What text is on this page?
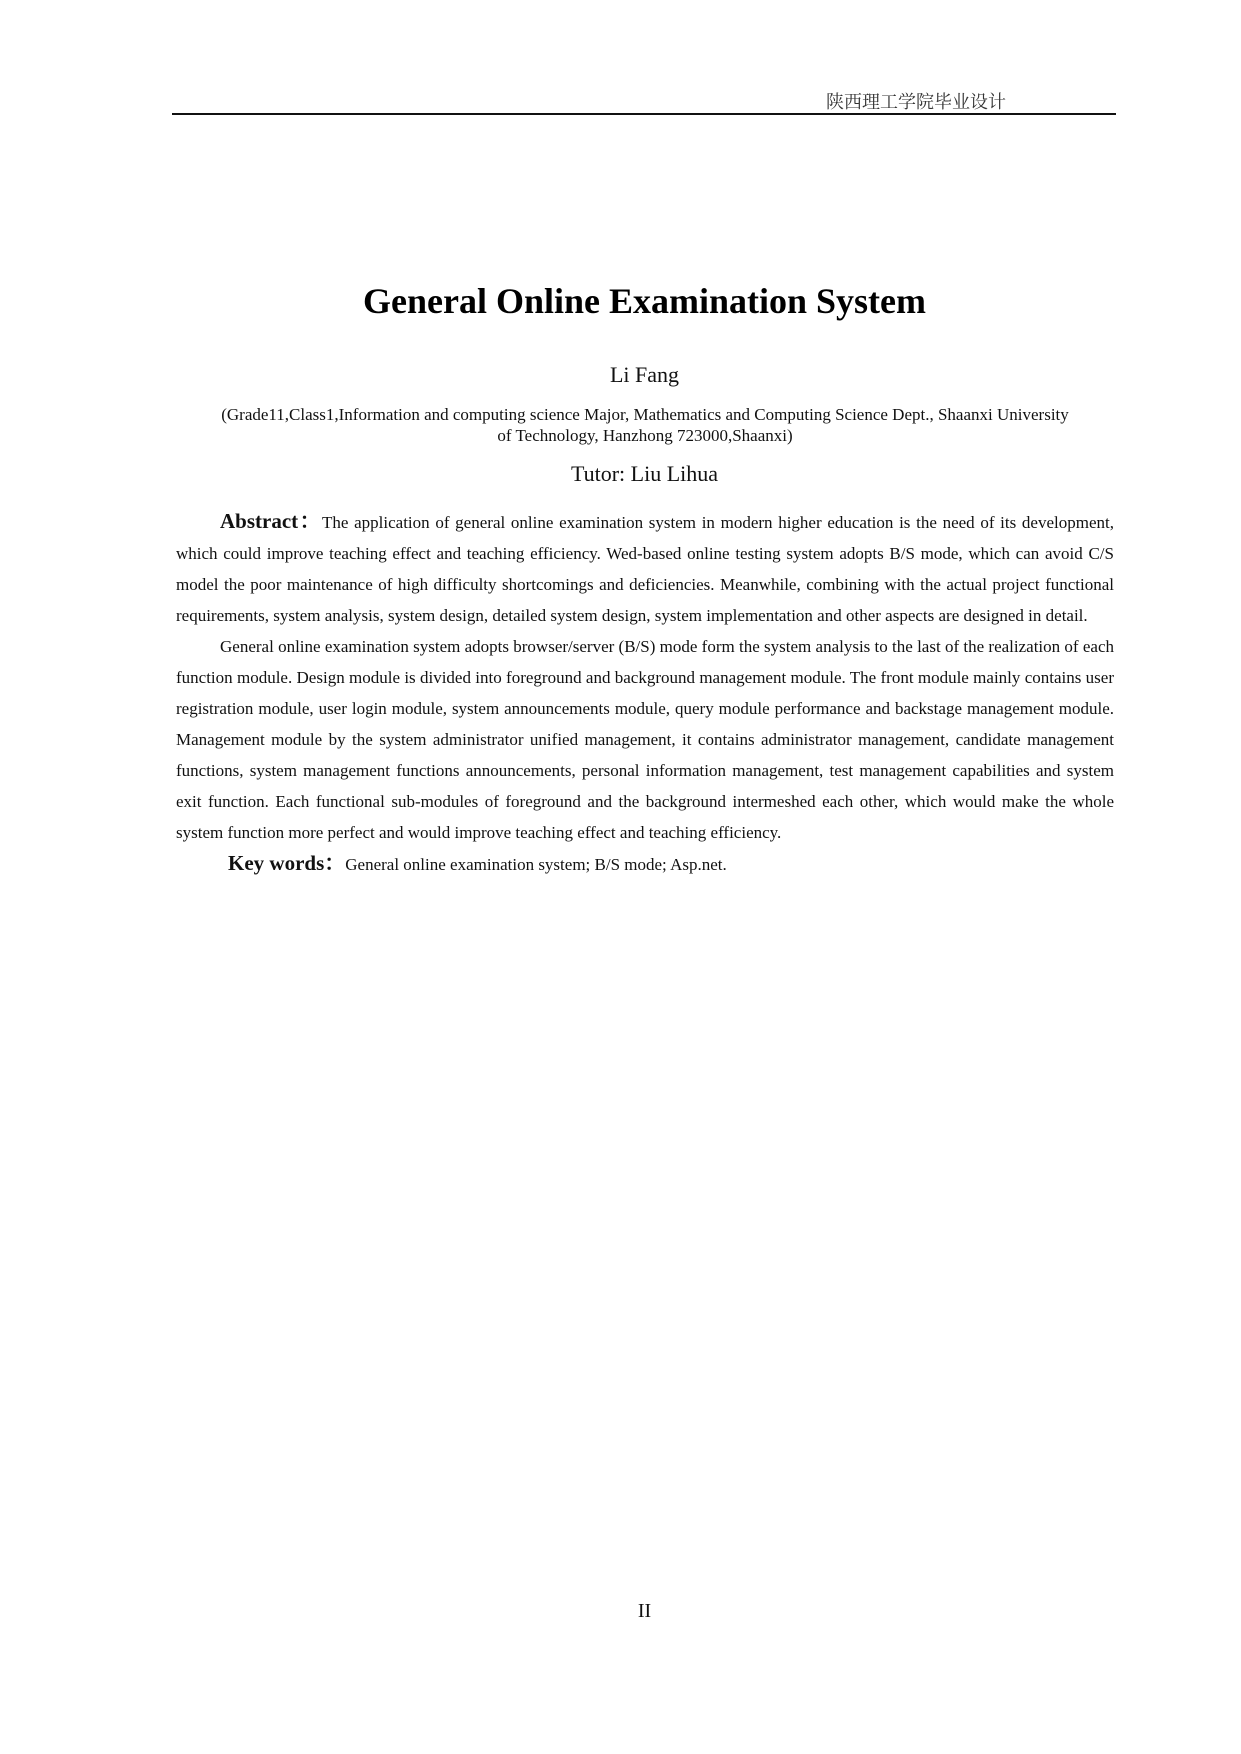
陕西理工学院毕业设计
General Online Examination System
Li Fang
(Grade11,Class1,Information and computing science Major, Mathematics and Computing Science Dept., Shaanxi University of Technology, Hanzhong 723000,Shaanxi)
Tutor: Liu Lihua

Abstract：The application of general online examination system in modern higher education is the need of its development, which could improve teaching effect and teaching efficiency. Wed-based online testing system adopts B/S mode, which can avoid C/S model the poor maintenance of high difficulty shortcomings and deficiencies. Meanwhile, combining with the actual project functional requirements, system analysis, system design, detailed system design, system implementation and other aspects are designed in detail.

General online examination system adopts browser/server (B/S) mode form the system analysis to the last of the realization of each function module. Design module is divided into foreground and background management module. The front module mainly contains user registration module, user login module, system announcements module, query module performance and backstage management module. Management module by the system administrator unified management, it contains administrator management, candidate management functions, system management functions announcements, personal information management, test management capabilities and system exit function. Each functional sub-modules of foreground and the background intermeshed each other, which would make the whole system function more perfect and would improve teaching effect and teaching efficiency.

Key words：General online examination system; B/S mode; Asp.net.

II
